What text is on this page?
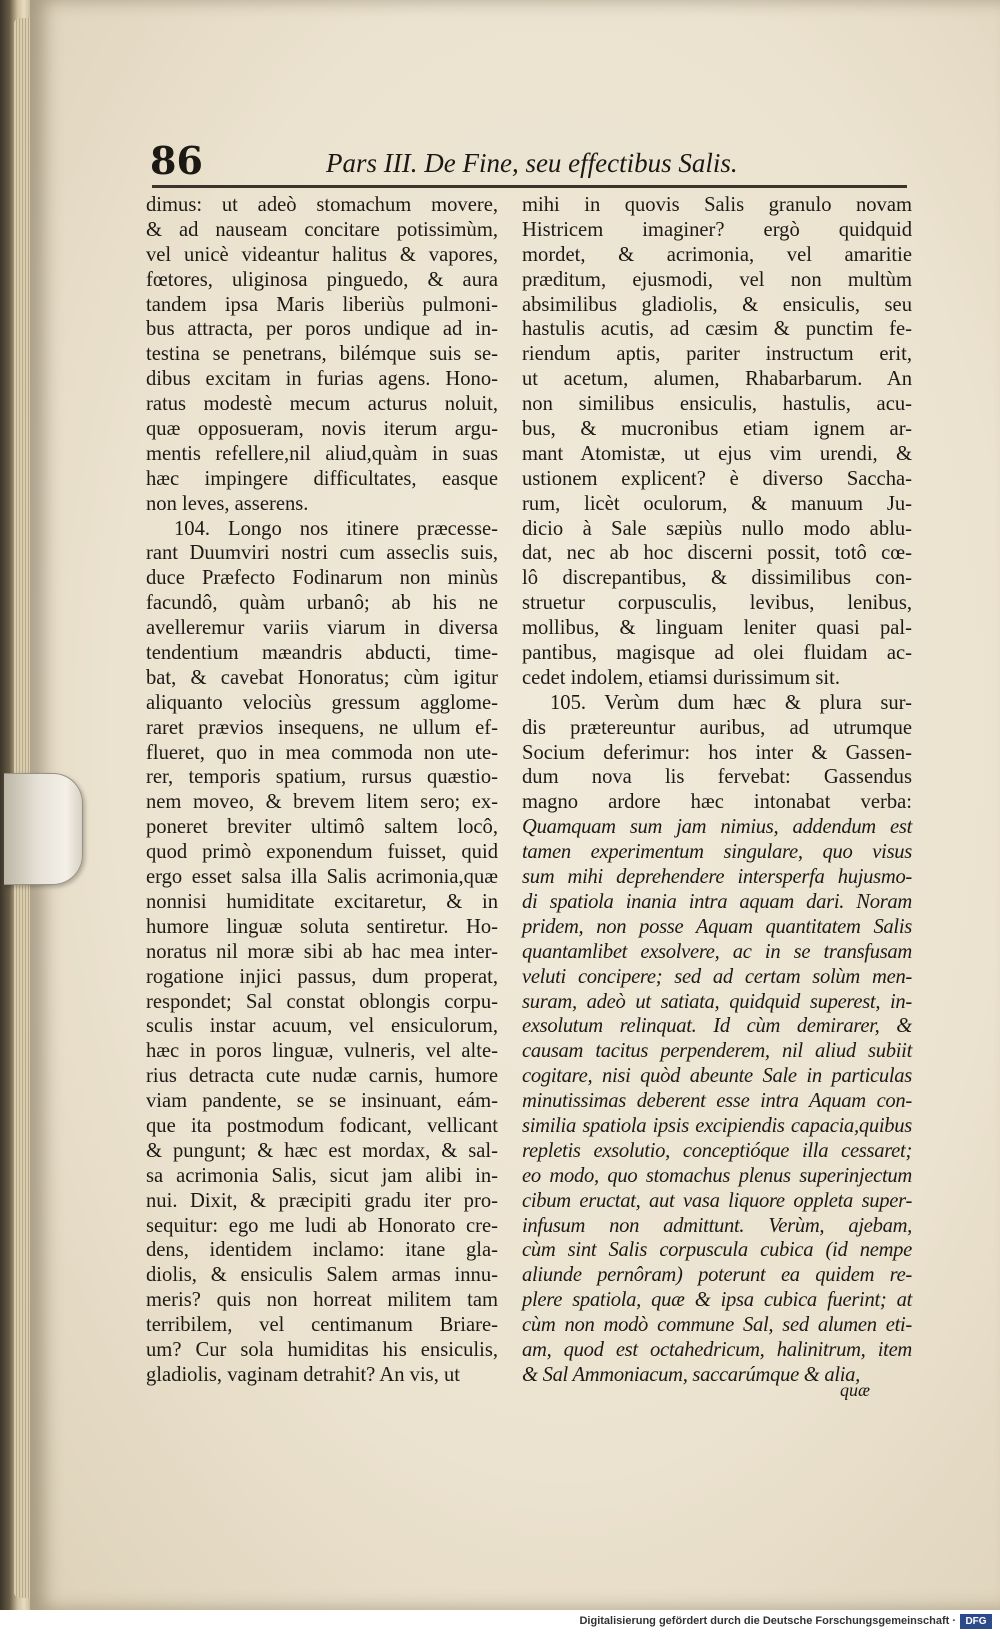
86	Pars III. De Fine, seu effectibus Salis.
dimus: ut adeò stomachum movere,
& ad nauseam concitare potissimùm,
vel unicè videantur halitus & vapores,
fœtores, uliginosa pinguedo, & aura
tandem ipsa Maris liberiùs pulmoni-
bus attracta, per poros undique ad in-
testina se penetrans, bilémque suis se-
dibus excitam in furias agens. Hono-
ratus modestè mecum acturus noluit,
quæ opposueram, novis iterum argu-
mentis refellere,nil aliud,quàm in suas
hæc impingere difficultates, easque
non leves, asserens.
104. Longo nos itinere præcesse-
rant Duumviri nostri cum asseclis suis,
duce Præfecto Fodinarum non minùs
facundô, quàm urbanô; ab his ne
avelleremur variis viarum in diversa
tendentium mæandris abducti, time-
bat, & cavebat Honoratus; cùm igitur
aliquanto velociùs gressum agglome-
raret prævios insequens, ne ullum ef-
flueret, quo in mea commoda non ute-
rer, temporis spatium, rursus quæstio-
nem moveo, & brevem litem sero; ex-
poneret breviter ultimô saltem locô,
quod primò exponendum fuisset, quid
ergo esset salsa illa Salis acrimonia,quæ
nonnisi humiditate excitaretur, & in
humore linguæ soluta sentiretur. Ho-
noratus nil moræ sibi ab hac mea inter-
rogatione injici passus, dum properat,
respondet; Sal constat oblongis corpu-
sculis instar acuum, vel ensiculorum,
hæc in poros linguæ, vulneris, vel alte-
rius detracta cute nudæ carnis, humore
viam pandente, se se insinuant, eám-
que ita postmodum fodicant, vellicant
& pungunt; & hæc est mordax, & sal-
sa acrimonia Salis, sicut jam alibi in-
nui. Dixit, & præcipiti gradu iter pro-
sequitur: ego me ludi ab Honorato cre-
dens, identidem inclamo: itane gla-
diolis, & ensiculis Salem armas innu-
meris? quis non horreat militem tam
terribilem, vel centimanum Briare-
um? Cur sola humiditas his ensiculis,
gladiolis, vaginam detrahit? An vis, ut
mihi in quovis Salis granulo novam
Histricem imaginer? ergò quidquid
mordet, & acrimonia, vel amaritie
præditum, ejusmodi, vel non multùm
absimilibus gladiolis, & ensiculis, seu
hastulis acutis, ad cæsim & punctim fe-
riendum aptis, pariter instructum erit,
ut acetum, alumen, Rhabarbarum. An
non similibus ensiculis, hastulis, acu-
bus, & mucronibus etiam ignem ar-
mant Atomistæ, ut ejus vim urendi, &
ustionem explicent? è diverso Saccha-
rum, licèt oculorum, & manuum Ju-
dicio à Sale sæpiùs nullo modo ablu-
dat, nec ab hoc discerni possit, totô cœ-
lô discrepantibus, & dissimilibus con-
struetur corpusculis, levibus, lenibus,
mollibus, & linguam leniter quasi pal-
pantibus, magisque ad olei fluidam ac-
cedet indolem, etiamsi durissimum sit.
105. Verùm dum hæc & plura sur-
dis prætereuntur auribus, ad utrumque
Socium deferimur: hos inter & Gassen-
dum nova lis fervebat: Gassendus
magno ardore hæc intonabat verba:
Quamquam sum jam nimius, addendum est
tamen experimentum singulare, quo visus
sum mihi deprehendere intersperfa hujusmo-
di spatiola inania intra aquam dari. Noram
pridem, non posse Aquam quantitatem Salis
quantamlibet exsolvere, ac in se transfusam
veluti concipere; sed ad certam solùm men-
suram, adeò ut satiata, quidquid superest, in-
exsolutum relinquat. Id cùm demirarer, &
causam tacitus perpenderem, nil aliud subiit
cogitare, nisi quòd abeunte Sale in particulas
minutissimas deberent esse intra Aquam con-
similia spatiola ipsis excipiendis capacia,quibus
repletis exsolutio, conceptióque illa cessaret;
eo modo, quo stomachus plenus superinjectum
cibum eructat, aut vasa liquore oppleta super-
infusum non admittunt. Verùm, ajebam,
cùm sint Salis corpuscula cubica (id nempe
aliunde pernôram) poterunt ea quidem re-
plere spatiola, quæ & ipsa cubica fuerint; at
cùm non modò commune Sal, sed alumen eti-
am, quod est octahedricum, halinitrum, item
& Sal Ammoniacum, saccarúmque & alia,
quæ
Digitalisierung gefördert durch die Deutsche Forschungsgemeinschaft · DFG
